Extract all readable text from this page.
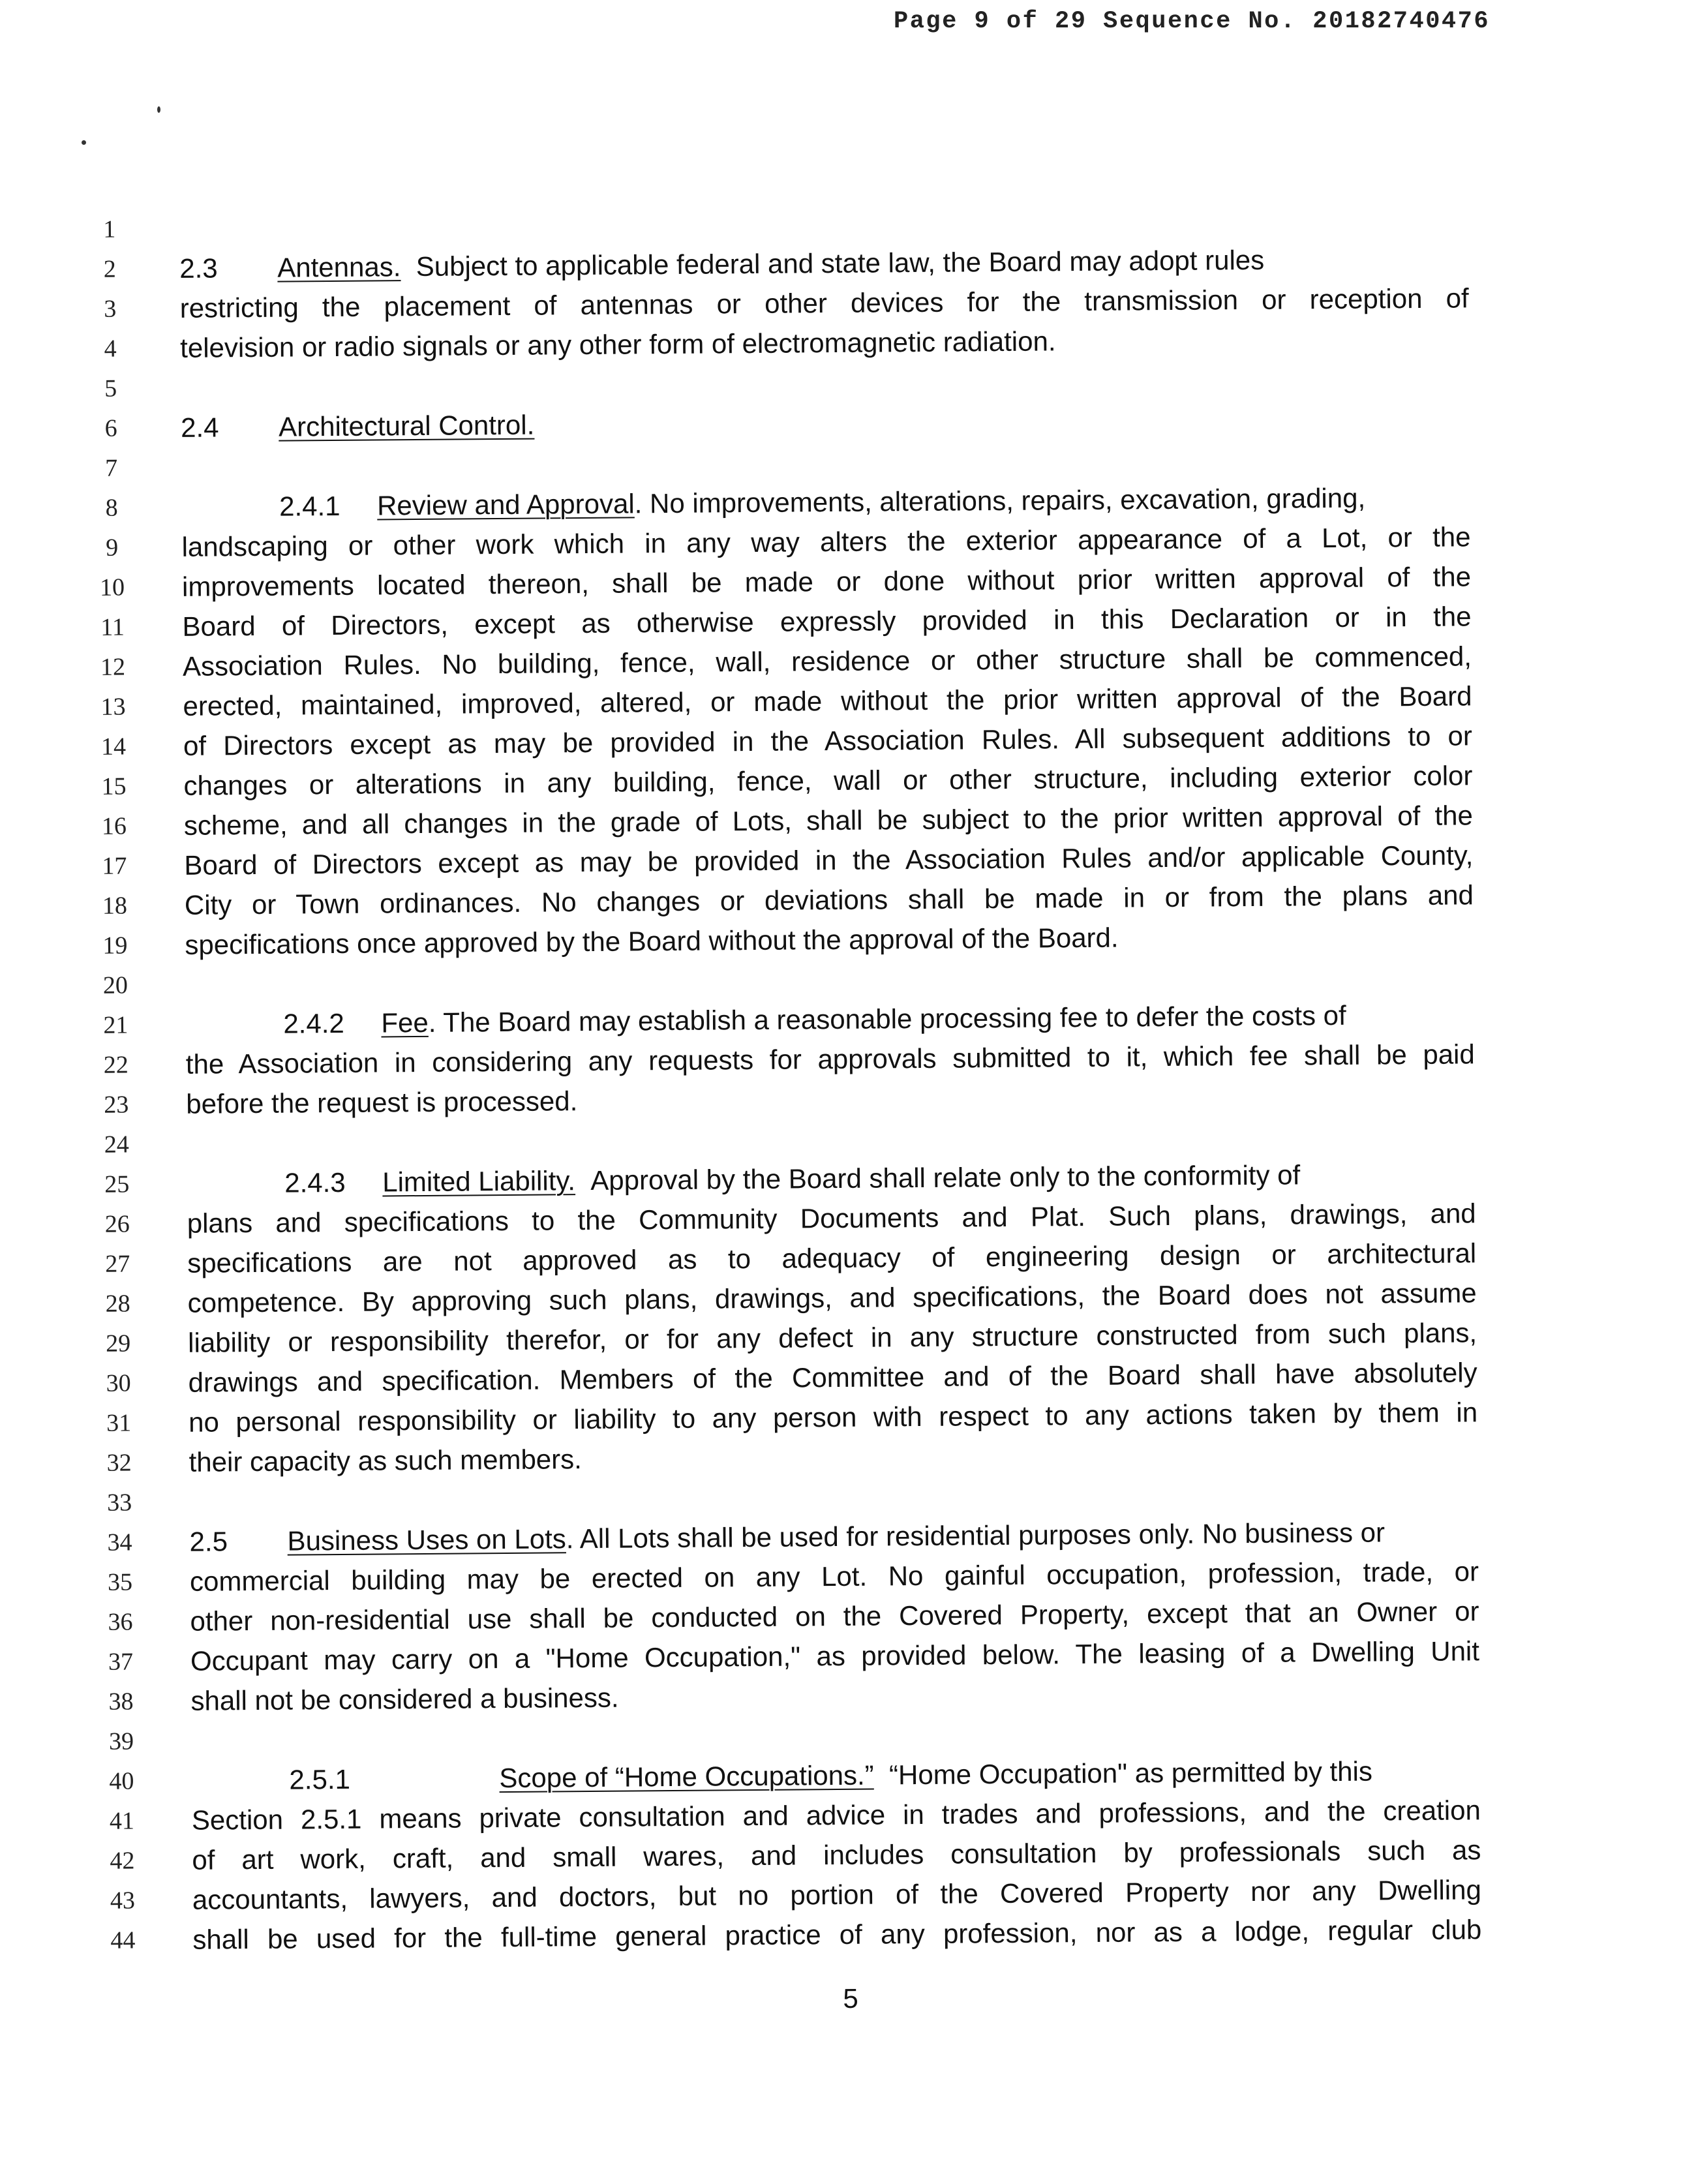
Page 9 of 29 Sequence No. 20182740476
1
2	2.3 Antennas. Subject to applicable federal and state law, the Board may adopt rules
3	restricting the placement of antennas or other devices for the transmission or reception of
4	television or radio signals or any other form of electromagnetic radiation.
5
6	2.4 Architectural Control.
7
8	2.4.1 Review and Approval. No improvements, alterations, repairs, excavation, grading,
9	landscaping or other work which in any way alters the exterior appearance of a Lot, or the
10	improvements located thereon, shall be made or done without prior written approval of the
11	Board of Directors, except as otherwise expressly provided in this Declaration or in the
12	Association Rules. No building, fence, wall, residence or other structure shall be commenced,
13	erected, maintained, improved, altered, or made without the prior written approval of the Board
14	of Directors except as may be provided in the Association Rules. All subsequent additions to or
15	changes or alterations in any building, fence, wall or other structure, including exterior color
16	scheme, and all changes in the grade of Lots, shall be subject to the prior written approval of the
17	Board of Directors except as may be provided in the Association Rules and/or applicable County,
18	City or Town ordinances. No changes or deviations shall be made in or from the plans and
19	specifications once approved by the Board without the approval of the Board.
20
21	2.4.2 Fee. The Board may establish a reasonable processing fee to defer the costs of
22	the Association in considering any requests for approvals submitted to it, which fee shall be paid
23	before the request is processed.
24
25	2.4.3 Limited Liability. Approval by the Board shall relate only to the conformity of
26	plans and specifications to the Community Documents and Plat. Such plans, drawings, and
27	specifications are not approved as to adequacy of engineering design or architectural
28	competence. By approving such plans, drawings, and specifications, the Board does not assume
29	liability or responsibility therefor, or for any defect in any structure constructed from such plans,
30	drawings and specification. Members of the Committee and of the Board shall have absolutely
31	no personal responsibility or liability to any person with respect to any actions taken by them in
32	their capacity as such members.
33
34	2.5 Business Uses on Lots. All Lots shall be used for residential purposes only. No business or
35	commercial building may be erected on any Lot. No gainful occupation, profession, trade, or
36	other non-residential use shall be conducted on the Covered Property, except that an Owner or
37	Occupant may carry on a "Home Occupation," as provided below. The leasing of a Dwelling Unit
38	shall not be considered a business.
39
40	2.5.1	Scope of “Home Occupations.” “Home Occupation" as permitted by this
41	Section 2.5.1 means private consultation and advice in trades and professions, and the creation
42	of art work, craft, and small wares, and includes consultation by professionals such as
43	accountants, lawyers, and doctors, but no portion of the Covered Property nor any Dwelling
44	shall be used for the full-time general practice of any profession, nor as a lodge, regular club
5
